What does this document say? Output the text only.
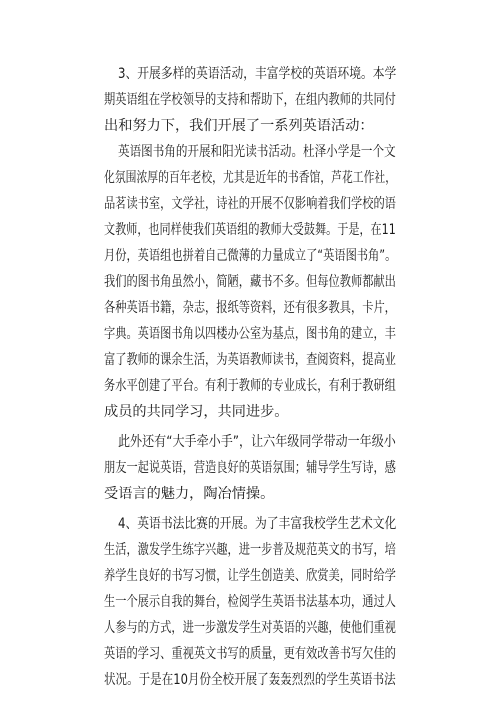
3、开展多样的英语活动，丰富学校的英语环境。本学
期英语组在学校领导的支持和帮助下，在组内教师的共同付
出和努力下，我们开展了一系列英语活动：
英语图书角的开展和阳光读书活动。杜泽小学是一个文
化氛围浓厚的百年老校，尤其是近年的书香馆，芦花工作社，
品茗读书室，文学社，诗社的开展不仅影响着我们学校的语
文教师，也同样使我们英语组的教师大受鼓舞。于是，在11
月份，英语组也拼着自己微薄的力量成立了“英语图书角”。
我们的图书角虽然小，简陋，藏书不多。但每位教师都献出
各种英语书籍，杂志，报纸等资料，还有很多教具，卡片，
字典。英语图书角以四楼办公室为基点，图书角的建立，丰
富了教师的课余生活，为英语教师读书，查阅资料，提高业
务水平创建了平台。有利于教师的专业成长，有利于教研组
成员的共同学习，共同进步。
此外还有“大手牵小手”，让六年级同学带动一年级小
朋友一起说英语，营造良好的英语氛围；辅导学生写诗，感
受语言的魅力，陶冶情操。
4、英语书法比赛的开展。为了丰富我校学生艺术文化
生活，激发学生练字兴趣，进一步普及规范英文的书写，培
养学生良好的书写习惯，让学生创造美、欣赏美，同时给学
生一个展示自我的舞台，检阅学生英语书法基本功，通过人
人参与的方式，进一步激发学生对英语的兴趣，使他们重视
英语的学习、重视英文书写的质量，更有效改善书写欠佳的
状况。于是在10月份全校开展了轰轰烈烈的学生英语书法
